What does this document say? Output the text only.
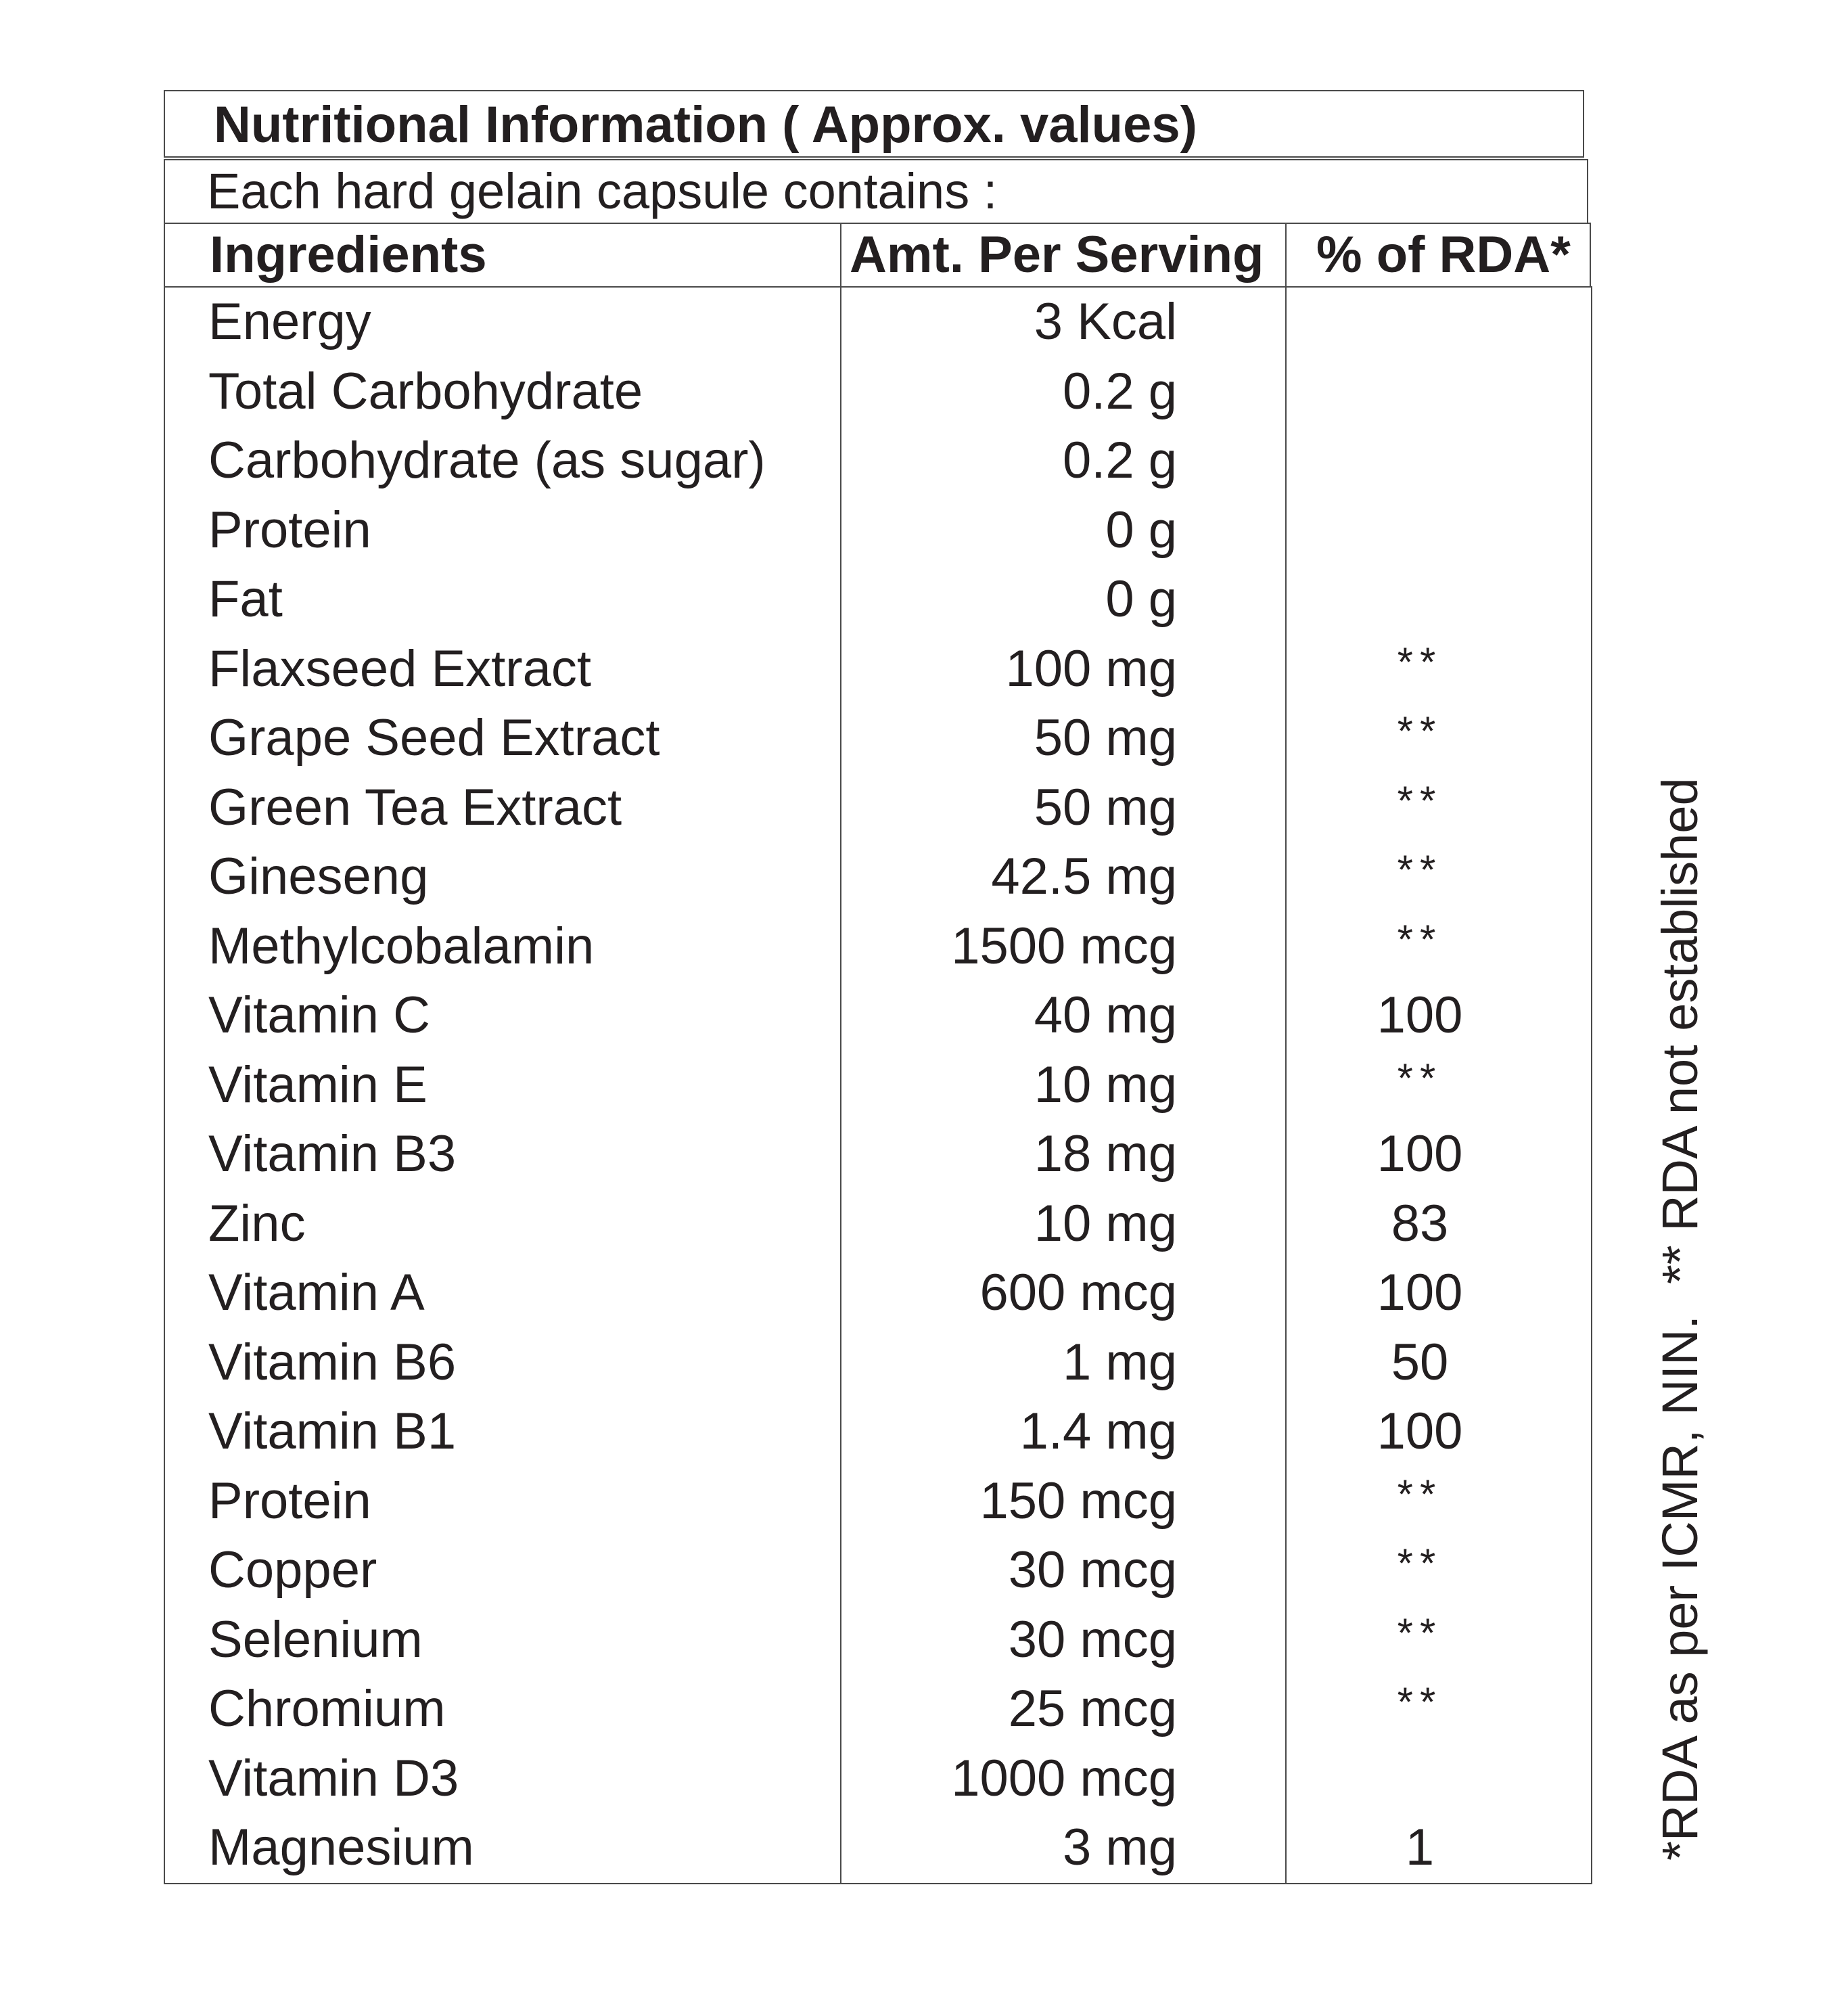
Nutritional Information ( Approx. values)
Each hard gelain capsule contains :
Ingredients	Amt. Per Serving % of RDA*
Energy	3 Kcal
Total Carbohydrate	0.2 g
Carbohydrate (as sugar)	0.2 g
Protein	0 g
Fat	0 g
Flaxseed Extract	100 mg	**
Grape Seed Extract	50 mg	**
Green Tea Extract	50 mg	**
Gineseng	42.5 mg	**
Methylcobalamin	1500 mcg	**
Vitamin C	40 mg	100
Vitamin E	10 mg	**
Vitamin B3	18 mg	100
Zinc	10 mg	83
Vitamin A	600 mcg	100
Vitamin B6	1 mg	50
Vitamin B1	1.4 mg	100
Protein	150 mcg	**
Copper	30 mcg	**
Selenium	30 mcg	**
Chromium	25 mcg	**
Vitamin D3	1000 mcg
Magnesium	3 mg	1	*RDA as per ICMR, NIN.** RDA not established
